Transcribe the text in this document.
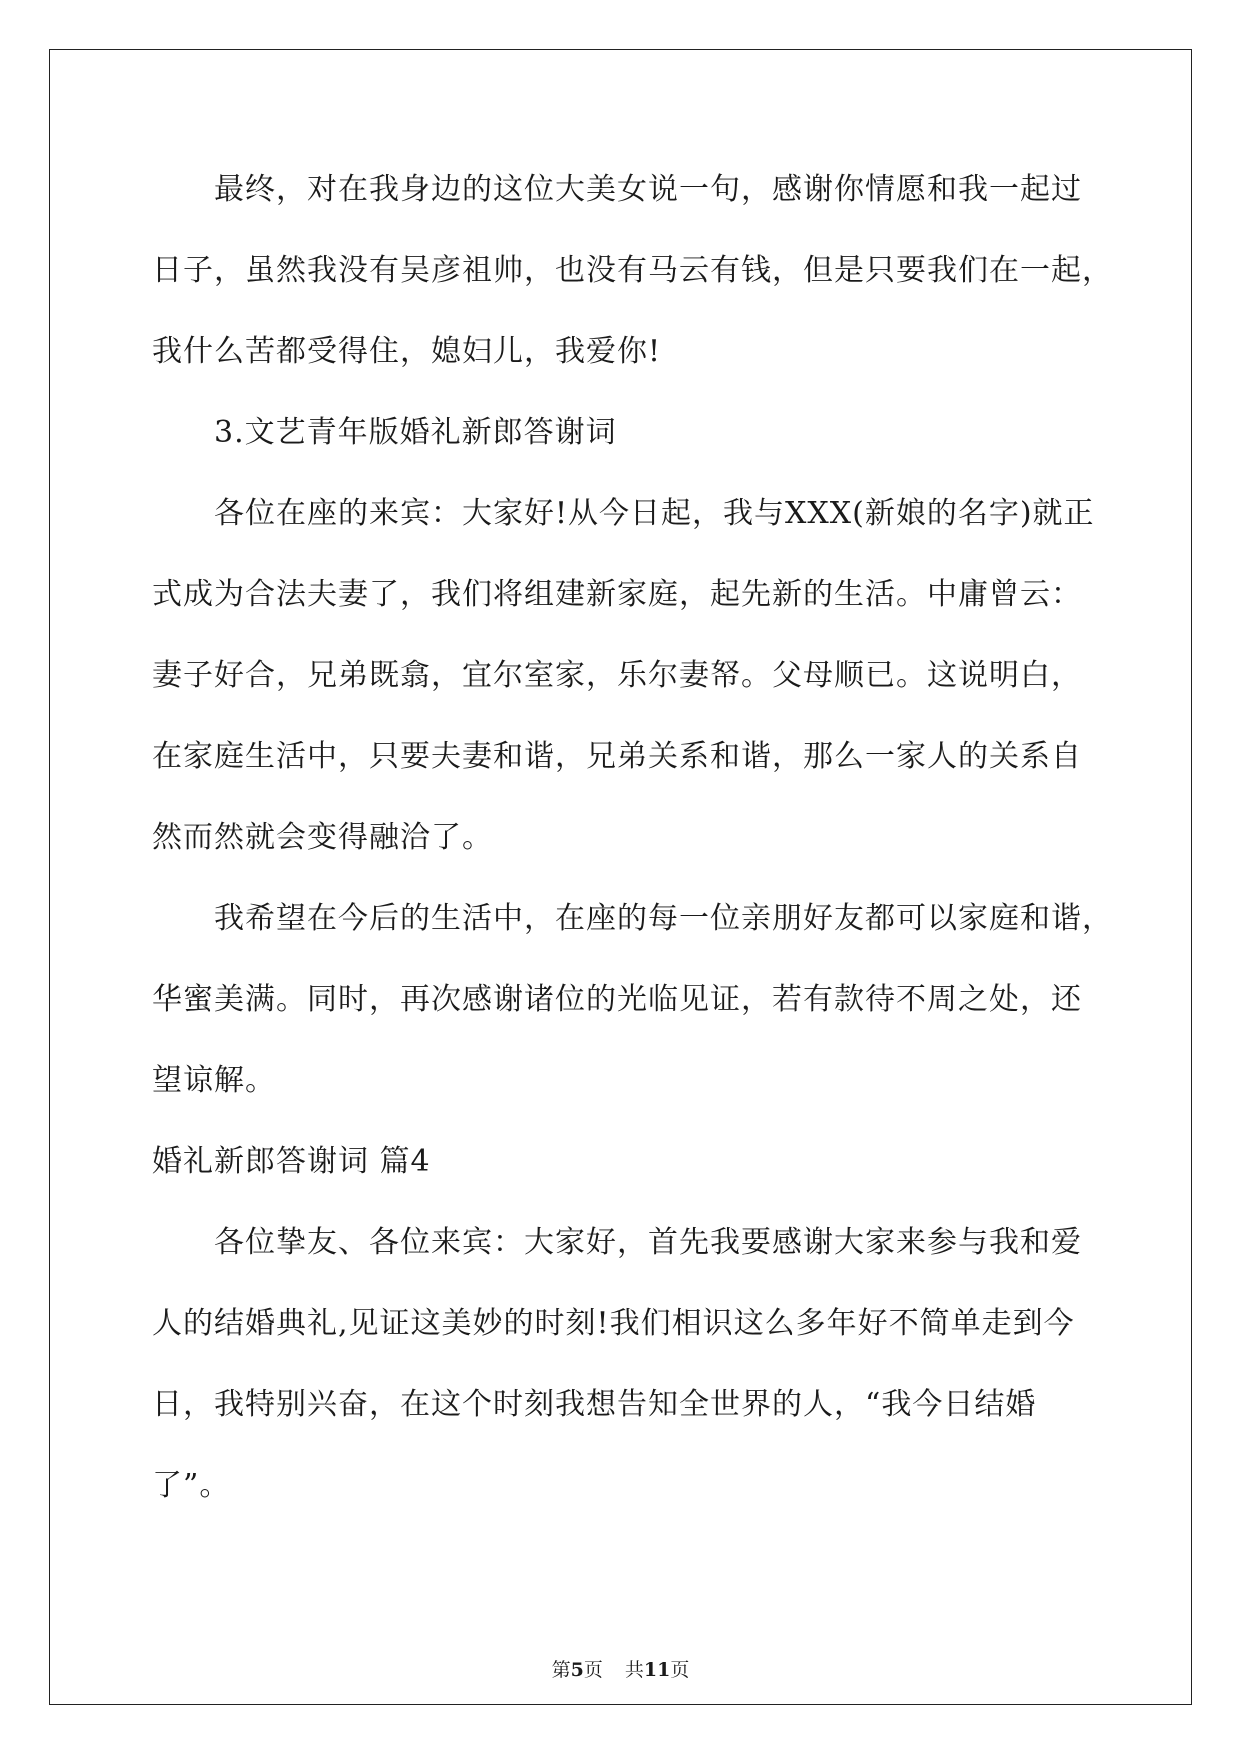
最终，对在我身边的这位大美女说一句，感谢你情愿和我一起过
日子，虽然我没有吴彦祖帅，也没有马云有钱，但是只要我们在一起，
我什么苦都受得住，媳妇儿，我爱你!
3.文艺青年版婚礼新郎答谢词
各位在座的来宾：大家好!从今日起，我与XXX(新娘的名字)就正
式成为合法夫妻了，我们将组建新家庭，起先新的生活。中庸曾云：
妻子好合，兄弟既翕，宜尔室家，乐尔妻帑。父母顺已。这说明白，
在家庭生活中，只要夫妻和谐，兄弟关系和谐，那么一家人的关系自
然而然就会变得融洽了。
我希望在今后的生活中，在座的每一位亲朋好友都可以家庭和谐，
华蜜美满。同时，再次感谢诸位的光临见证，若有款待不周之处，还
望谅解。
婚礼新郎答谢词 篇4
各位挚友、各位来宾：大家好，首先我要感谢大家来参与我和爱
人的结婚典礼,见证这美妙的时刻!我们相识这么多年好不简单走到今
日，我特别兴奋，在这个时刻我想告知全世界的人，“我今日结婚
了”。
第5页 共11页
